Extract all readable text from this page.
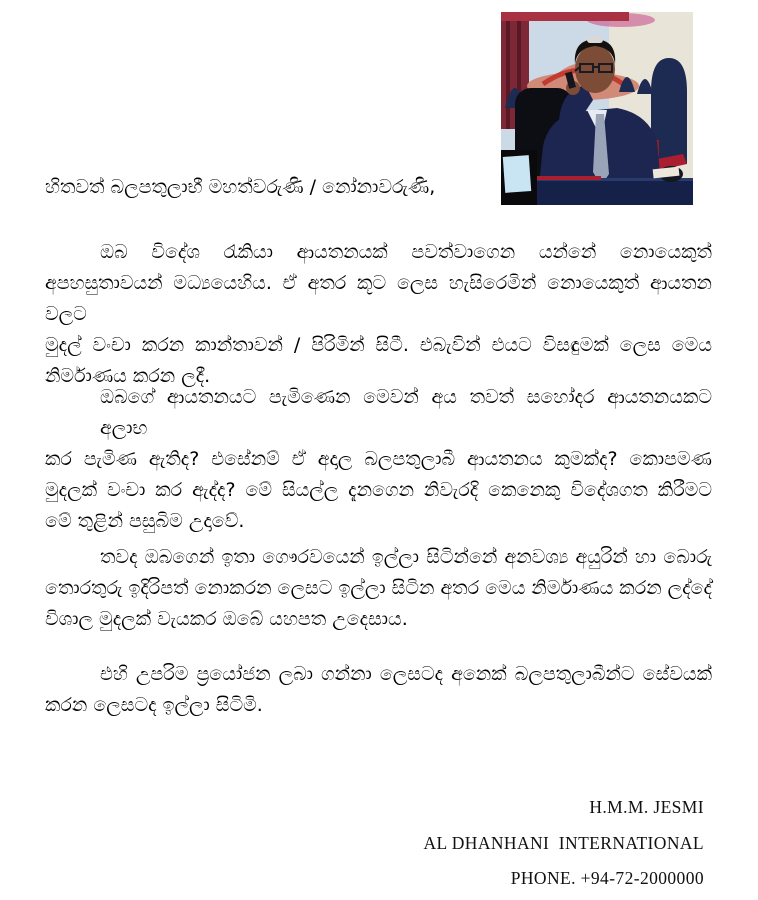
හිතවත් බලපතුලාභී මහත්වරුණි / නෝනාවරුණි,
ඔබ විදේශ රැකියා ආයතනයක් පවත්වාගෙන යන්නේ නොයෙකුත්
අපහසුතාවයන් මධ්‍යයෙහිය. ඒ අතර කූට ලෙස හැසිරෙමින් නොයෙකුත් ආයතන වලට
මුදල් වංචා කරන කාන්තාවන් / පිරිමින් සිටී. එබැවින් එයට විසඳුමක් ලෙස මෙය
නිර්මාණය කරන ලදී.
ඔබගේ ආයතනයට පැමිණෙන මෙවන් අය තවත් සහෝදර ආයතනයකට අලාභ
කර පැමිණ ඇතිද? එසේනම් ඒ අදාල බලපතුලාබී ආයතනය කුමක්ද? කොපමණ
මුදලක් වංචා කර ඇද්ද? මේ සියල්ල දැනගෙන නිවැරදි කෙනෙකු විදේශගත කිරීමට
මේ තුළින් පසුබිම උදාවේ.
තවද ඔබගෙන් ඉතා ගෞරවයෙන් ඉල්ලා සිටින්නේ අනවශ්‍ය අයුරින් හා බොරු
තොරතුරු ඉදිරිපත් නොකරන ලෙසට ඉල්ලා සිටින අතර මෙය නිර්මාණය කරන ලද්දේ
විශාල මුදලක් වැයකර ඔබේ යහපත උදෙසාය.
එහි උපරිම ප්‍රයෝජන ලබා ගන්නා ලෙසටද අනෙක් බලපතුලාබීන්ට සේවයක්
කරන ලෙසටද ඉල්ලා සිටිමි.
H.M.M. JESMI
AL DHANHANI  INTERNATIONAL
PHONE. +94-72-2000000
